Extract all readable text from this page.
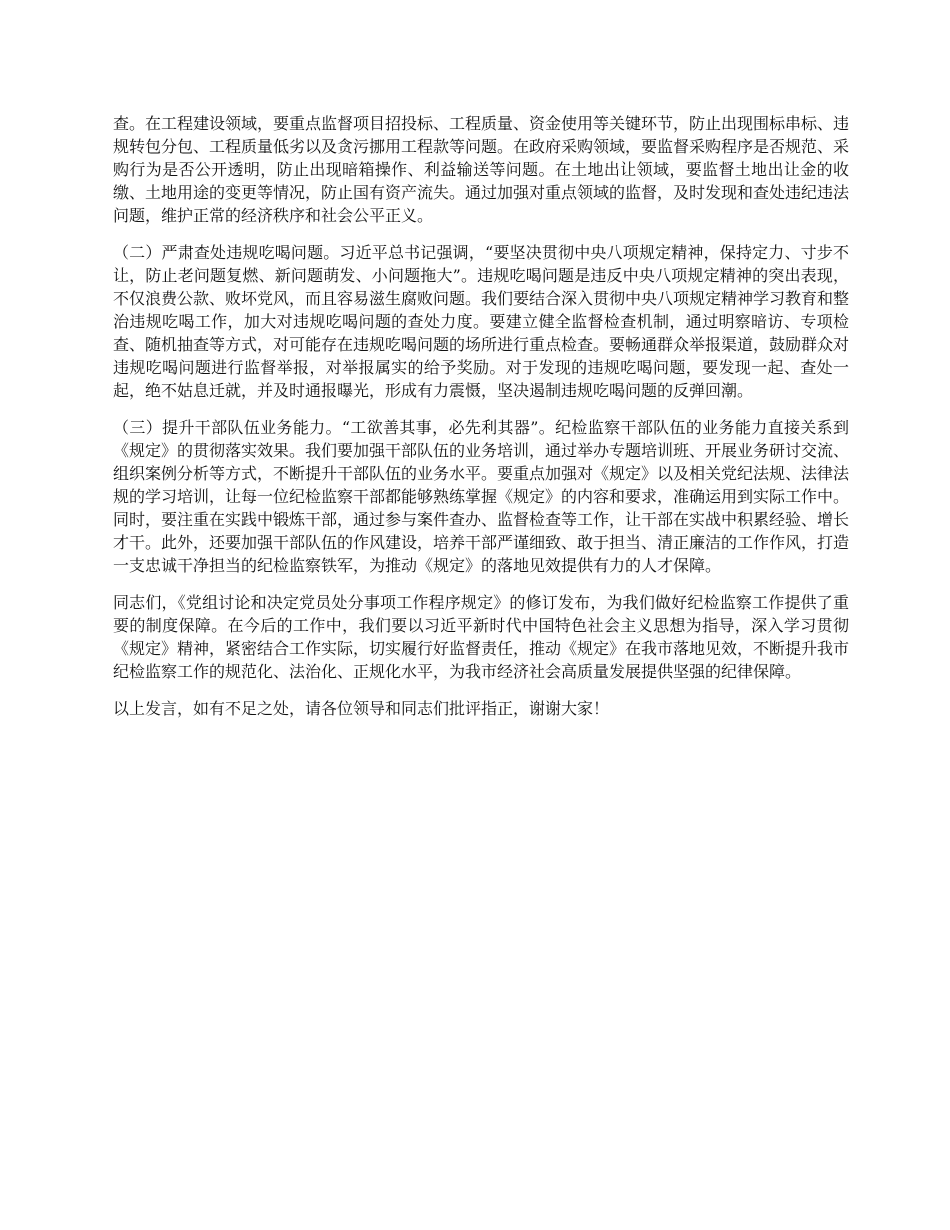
查。在工程建设领域，要重点监督项目招投标、工程质量、资金使用等关键环节，防止出现围标串标、违规转包分包、工程质量低劣以及贪污挪用工程款等问题。在政府采购领域，要监督采购程序是否规范、采购行为是否公开透明，防止出现暗箱操作、利益输送等问题。在土地出让领域，要监督土地出让金的收缴、土地用途的变更等情况，防止国有资产流失。通过加强对重点领域的监督，及时发现和查处违纪违法问题，维护正常的经济秩序和社会公平正义。

（二）严肃查处违规吃喝问题。习近平总书记强调，“要坚决贯彻中央八项规定精神，保持定力、寸步不让，防止老问题复燃、新问题萌发、小问题拖大”。违规吃喝问题是违反中央八项规定精神的突出表现，不仅浪费公款、败坏党风，而且容易滋生腐败问题。我们要结合深入贯彻中央八项规定精神学习教育和整治违规吃喝工作，加大对违规吃喝问题的查处力度。要建立健全监督检查机制，通过明察暗访、专项检查、随机抽查等方式，对可能存在违规吃喝问题的场所进行重点检查。要畅通群众举报渠道，鼓励群众对违规吃喝问题进行监督举报，对举报属实的给予奖励。对于发现的违规吃喝问题，要发现一起、查处一起，绝不姑息迁就，并及时通报曝光，形成有力震慑，坚决遏制违规吃喝问题的反弹回潮。

（三）提升干部队伍业务能力。“工欲善其事，必先利其器”。纪检监察干部队伍的业务能力直接关系到《规定》的贯彻落实效果。我们要加强干部队伍的业务培训，通过举办专题培训班、开展业务研讨交流、组织案例分析等方式，不断提升干部队伍的业务水平。要重点加强对《规定》以及相关党纪法规、法律法规的学习培训，让每一位纪检监察干部都能够熟练掌握《规定》的内容和要求，准确运用到实际工作中。同时，要注重在实践中锻炼干部，通过参与案件查办、监督检查等工作，让干部在实战中积累经验、增长才干。此外，还要加强干部队伍的作风建设，培养干部严谨细致、敢于担当、清正廉洁的工作作风，打造一支忠诚干净担当的纪检监察铁军，为推动《规定》的落地见效提供有力的人才保障。

同志们，《党组讨论和决定党员处分事项工作程序规定》的修订发布，为我们做好纪检监察工作提供了重要的制度保障。在今后的工作中，我们要以习近平新时代中国特色社会主义思想为指导，深入学习贯彻《规定》精神，紧密结合工作实际，切实履行好监督责任，推动《规定》在我市落地见效，不断提升我市纪检监察工作的规范化、法治化、正规化水平，为我市经济社会高质量发展提供坚强的纪律保障。

以上发言，如有不足之处，请各位领导和同志们批评指正，谢谢大家！
